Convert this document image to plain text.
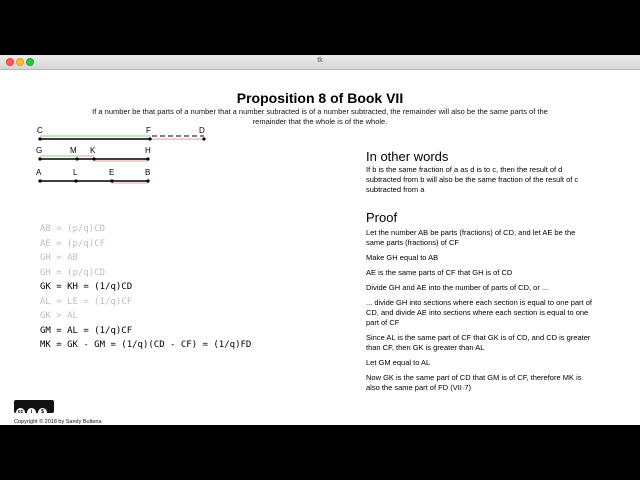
tk
Proposition 8 of Book VII
If a number be that parts of a number that a number subracted is of a number subtracted, the remainder will also be the same parts of the remainder that the whole is of the whole.
C	F	D
G	M K	H
A	L	E	B
AB = (p/q)CD
AE = (p/q)CF
GH = AB
GH = (p/q)CD
GK = KH = (1/q)CD
AL = LE = (1/q)CF
GK > AL
GM = AL = (1/q)CF
MK = GK - GM = (1/q)(CD - CF) = (1/q)FD
In other words
If b is the same fraction of a as d is to c, then the result of d subtracted from b will also be the same fraction of the result of c subtracted from a
Proof
Let the number AB be parts (fractions) of CD, and let AE be the same parts (fractions) of CF
Make GH equal to AB
AE is the same parts of CF that GH is of CD
Divide GH and AE into the number of parts of CD, or ...
... divide GH into sections where each section is equal to one part of CD, and divide AE into sections where each section is equal to one part of CF
Since AL is the same part of CF that GK is of CD, and CD is greater than CF, then GK is greater than AL
Let GM equal to AL
Now GK is the same part of CD that GM is of CF, therefore MK is also the same part of FD (VII·7)
cc i $
Copyright © 2018 by Sandy Bultena
